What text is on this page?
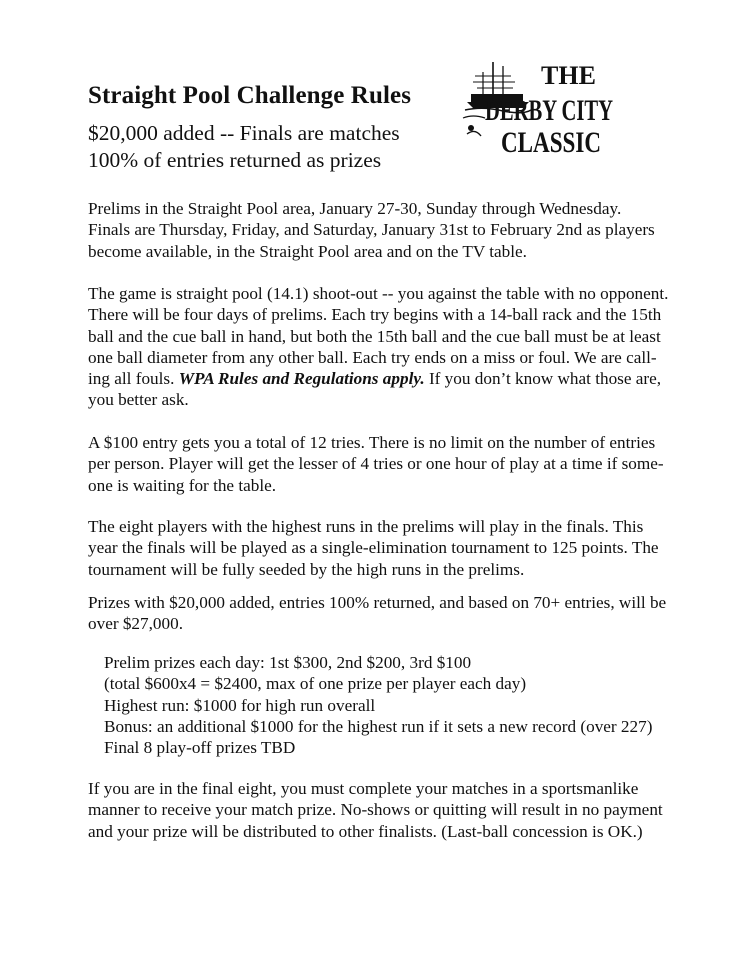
Straight Pool Challenge Rules
$20,000 added -- Finals are matches
100% of entries returned as prizes
THE
DERBY CITY
CLASSIC
Prelims in the Straight Pool area, January 27-30, Sunday through Wednesday.
Finals are Thursday, Friday, and Saturday, January 31st to February 2nd as players
become available, in the Straight Pool area and on the TV table.
The game is straight pool (14.1) shoot-out -- you against the table with no opponent.
There will be four days of prelims. Each try begins with a 14-ball rack and the 15th
ball and the cue ball in hand, but both the 15th ball and the cue ball must be at least
one ball diameter from any other ball. Each try ends on a miss or foul. We are call-
ing all fouls. WPA Rules and Regulations apply. If you don’t know what those are,
you better ask.
A $100 entry gets you a total of 12 tries. There is no limit on the number of entries
per person. Player will get the lesser of 4 tries or one hour of play at a time if some-
one is waiting for the table.
The eight players with the highest runs in the prelims will play in the finals. This
year the finals will be played as a single-elimination tournament to 125 points. The
tournament will be fully seeded by the high runs in the prelims.
Prizes with $20,000 added, entries 100% returned, and based on 70+ entries, will be
over $27,000.
Prelim prizes each day: 1st $300, 2nd $200, 3rd $100
(total $600x4 = $2400, max of one prize per player each day)
Highest run: $1000 for high run overall
Bonus: an additional $1000 for the highest run if it sets a new record (over 227)
Final 8 play-off prizes TBD
If you are in the final eight, you must complete your matches in a sportsmanlike
manner to receive your match prize. No-shows or quitting will result in no payment
and your prize will be distributed to other finalists. (Last-ball concession is OK.)
